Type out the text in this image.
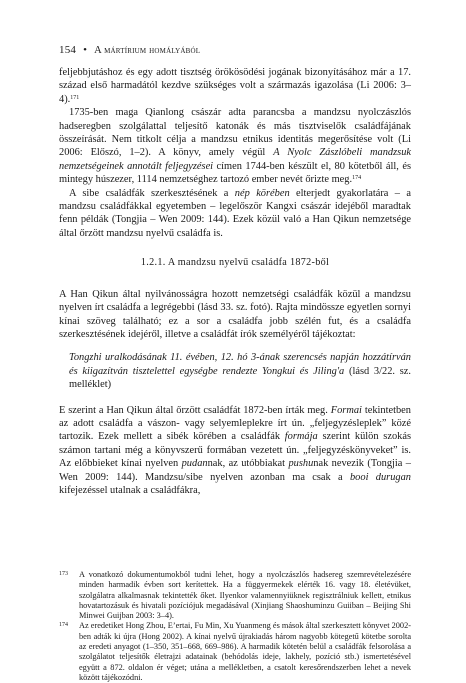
154 • A mártírium homályából

feljebbjutáshoz és egy adott tisztség örökösödési jogának bizonyításához már a 17. század első harmadától kezdve szükséges volt a származás igazolása (Li 2006: 3–4).$^{171}$

1735-ben maga Qianlong császár adta parancsba a mandzsu nyolczászlós hadseregben szolgálattal teljesítő katonák és más tisztviselők családfájának összeírását. Nem titkolt célja a mandzsu etnikus identitás megerősítése volt (Li 2006: Előszó, 1–2). A könyv, amely végül A Nyolc Zászlóbeli mandzsuk nemzetségeinek annotált feljegyzései címen 1744-ben készült el, 80 kötetből áll, és mintegy húszezer, 1114 nemzetséghez tartozó ember nevét őrizte meg.$^{174}$

A sibe családfák szerkesztésének a nép körében elterjedt gyakorlatára – a mandzsu családfákkal egyetemben – legelőször Kangxi császár idejéből maradtak fenn példák (Tongjia – Wen 2009: 144). Ezek közül való a Han Qikun nemzetsége által őrzött mandzsu nyelvű családfa is.

1.2.1. A mandzsu nyelvű családfa 1872-ből

A Han Qikun által nyilvánosságra hozott nemzetségi családfák közül a mandzsu nyelven írt családfa a legrégebbi (lásd 33. sz. fotó). Rajta mindössze egyetlen sornyi kínai szöveg található; ez a sor a családfa jobb szélén fut, és a családfa szerkesztésének idejéről, illetve a családfát írók személyéről tájékoztat:

Tongzhi uralkodásának 11. évében, 12. hó 3-ának szerencsés napján hozzátírván és kiigazítván tisztelettel egységbe rendezte Yongkui és Jiling'a (lásd 3/22. sz. melléklet)

E szerint a Han Qikun által őrzött családfát 1872-ben írták meg. Formai tekintetben az adott családfa a vászon- vagy selyemleplekre írt ún. „feljegyzésleplek” közé tartozik. Ezek mellett a sibék körében a családfák formája szerint külön szokás számon tartani még a könyvszerű formában vezetett ún. „feljegyzéskönyveket” is. Az előbbieket kínai nyelven pudannak, az utóbbiakat pushunak nevezik (Tongjia – Wen 2009: 144). Mandzsu/sibe nyelven azonban ma csak a booi durugan kifejezéssel utalnak a családfákra,

173 A vonatkozó dokumentumokból tudni lehet, hogy a nyolczászlós hadsereg szemrevételezésére minden harmadik évben sort kerítettek. Ha a függyermekek elérték 16. vagy 18. életévüket, szolgálatra alkalmasnak tekintették őket. Ilyenkor valamennyiüknek regisztrálniuk kellett, etnikus hovatartozásuk és hivatali pozíciójuk megadásával (Xinjiang Shaoshuminzu Guiiban – Beijing Shi Minwei Guijban 2003: 3–4).
174 Az eredetiket Hong Zhou, E’ertai, Fu Min, Xu Yuanmeng és mások által szerkesztett könyvet 2002-ben adták ki újra (Hong 2002). A kínai nyelvű újrakiadás három nagyobb kötegetű kötetbe sorolta az eredeti anyagot (1–350, 351–668, 669–986). A harmadik kötetén belül a családfák felsorolása a szolgálatot teljesítők életrajzi adatainak (behódolás ideje, lakhely, pozíció stb.) ismertetésével együtt a 872. oldalon ér véget; utána a mellékletben, a csatolt keresőrendszerben lehet a nevek között tájékozódni.
